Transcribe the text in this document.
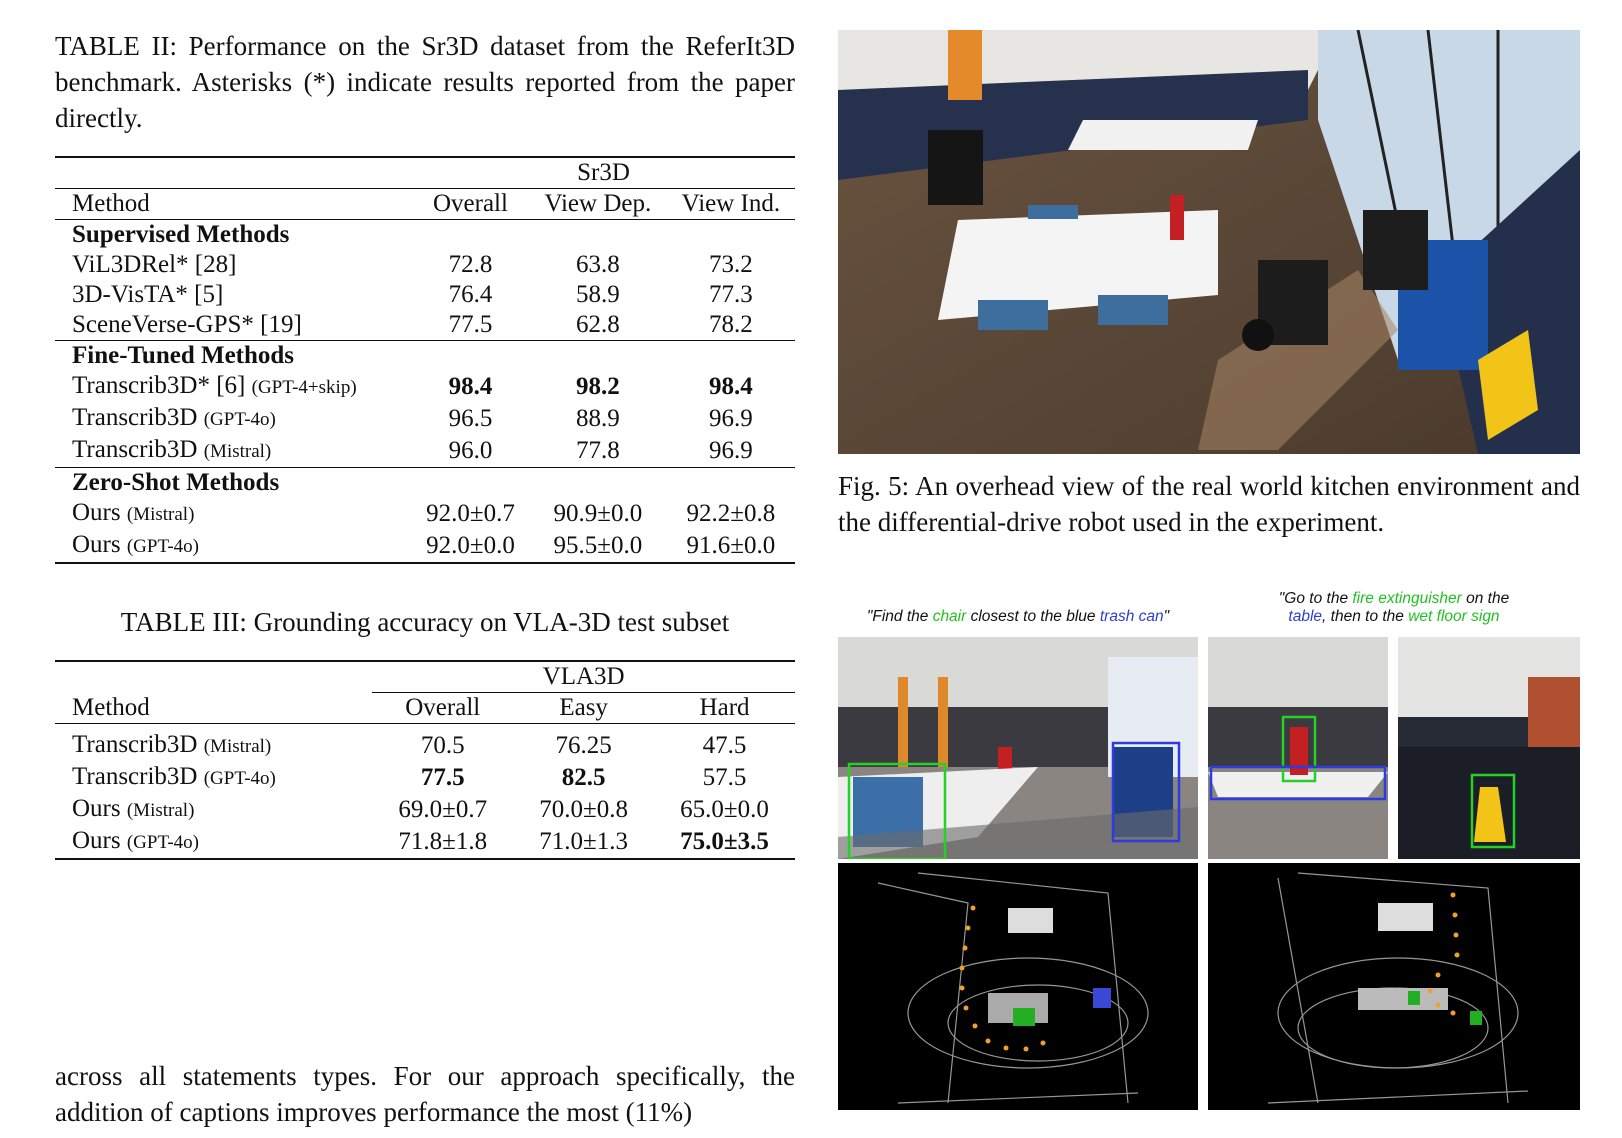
TABLE II: Performance on the Sr3D dataset from the ReferIt3D benchmark. Asterisks (*) indicate results reported from the paper directly.

	Sr3D		
Method	Overall	View Dep.	View Ind.
Supervised Methods			
ViL3DRel* [28]	72.8	63.8	73.2
3D-VisTA* [5]	76.4	58.9	77.3
SceneVerse-GPS* [19]	77.5	62.8	78.2
Fine-Tuned Methods			
Transcrib3D* [6] (GPT-4+skip)	98.4	98.2	98.4
Transcrib3D (GPT-4o)	96.5	88.9	96.9
Transcrib3D (Mistral)	96.0	77.8	96.9
Zero-Shot Methods			
Ours (Mistral)	92.0±0.7	90.9±0.0	92.2±0.8
Ours (GPT-4o)	92.0±0.0	95.5±0.0	91.6±0.0

TABLE III: Grounding accuracy on VLA-3D test subset

	VLA3D		
Method	Overall	Easy	Hard
Transcrib3D (Mistral)	70.5	76.25	47.5
Transcrib3D (GPT-4o)	77.5	82.5	57.5
Ours (Mistral)	69.0±0.7	70.0±0.8	65.0±0.0
Ours (GPT-4o)	71.8±1.8	71.0±1.3	75.0±3.5
Fig. 5: An overhead view of the real world kitchen environment and the differential-drive robot used in the experiment.
"Find the chair closest to the blue trash can"
"Go to the fire extinguisher on the
table, then to the wet floor sign
across all statements types. For our approach specifically, the addition of captions improves performance the most (11%)
